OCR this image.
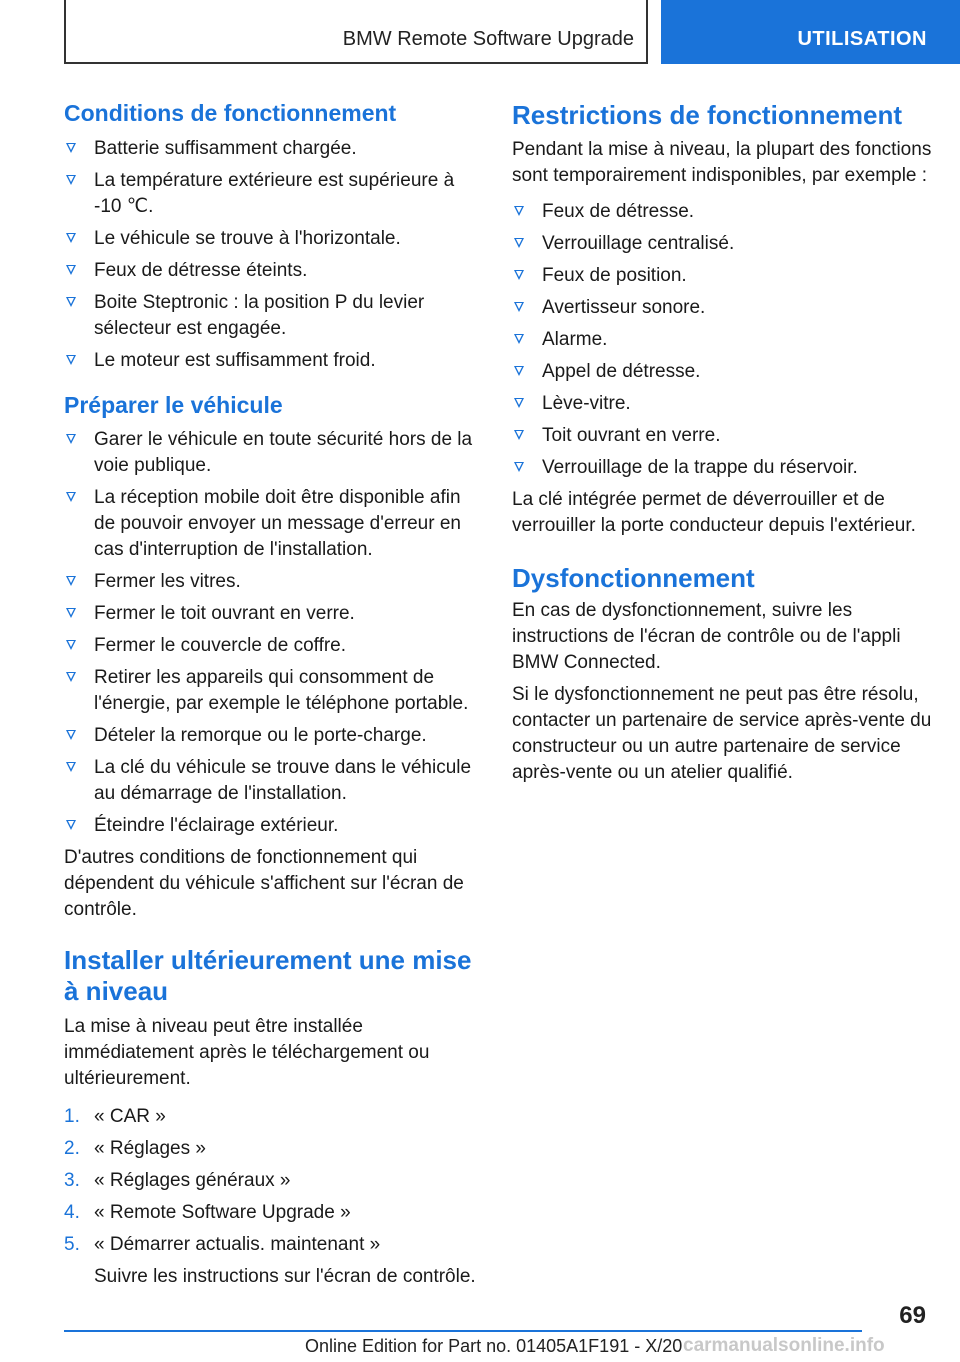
BMW Remote Software Upgrade	UTILISATION
Conditions de fonctionnement
Batterie suffisamment chargée.
La température extérieure est supérieure à -10 ℃.
Le véhicule se trouve à l'horizontale.
Feux de détresse éteints.
Boite Steptronic : la position P du levier sélecteur est engagée.
Le moteur est suffisamment froid.
Préparer le véhicule
Garer le véhicule en toute sécurité hors de la voie publique.
La réception mobile doit être disponible afin de pouvoir envoyer un message d'erreur en cas d'interruption de l'installation.
Fermer les vitres.
Fermer le toit ouvrant en verre.
Fermer le couvercle de coffre.
Retirer les appareils qui consomment de l'énergie, par exemple le téléphone portable.
Dételer la remorque ou le porte-charge.
La clé du véhicule se trouve dans le véhicule au démarrage de l'installation.
Éteindre l'éclairage extérieur.

D'autres conditions de fonctionnement qui dépendent du véhicule s'affichent sur l'écran de contrôle.

Installer ultérieurement une mise à niveau

La mise à niveau peut être installée immédiatement après le téléchargement ou ultérieurement.

1. « CAR »
2. « Réglages »
3. « Réglages généraux »
4. « Remote Software Upgrade »
5. « Démarrer actualis. maintenant »

Suivre les instructions sur l'écran de contrôle.

Restrictions de fonctionnement

Pendant la mise à niveau, la plupart des fonctions sont temporairement indisponibles, par exemple :

Feux de détresse.
Verrouillage centralisé.
Feux de position.
Avertisseur sonore.
Alarme.
Appel de détresse.
Lève-vitre.
Toit ouvrant en verre.
Verrouillage de la trappe du réservoir.

La clé intégrée permet de déverrouiller et de verrouiller la porte conducteur depuis l'extérieur.

Dysfonctionnement

En cas de dysfonctionnement, suivre les instructions de l'écran de contrôle ou de l'appli BMW Connected.

Si le dysfonctionnement ne peut pas être résolu, contacter un partenaire de service après-vente du constructeur ou un autre partenaire de service après-vente ou un atelier qualifié.

69
Online Edition for Part no. 01405A1F191 - X/20 carmanualsonline.info
